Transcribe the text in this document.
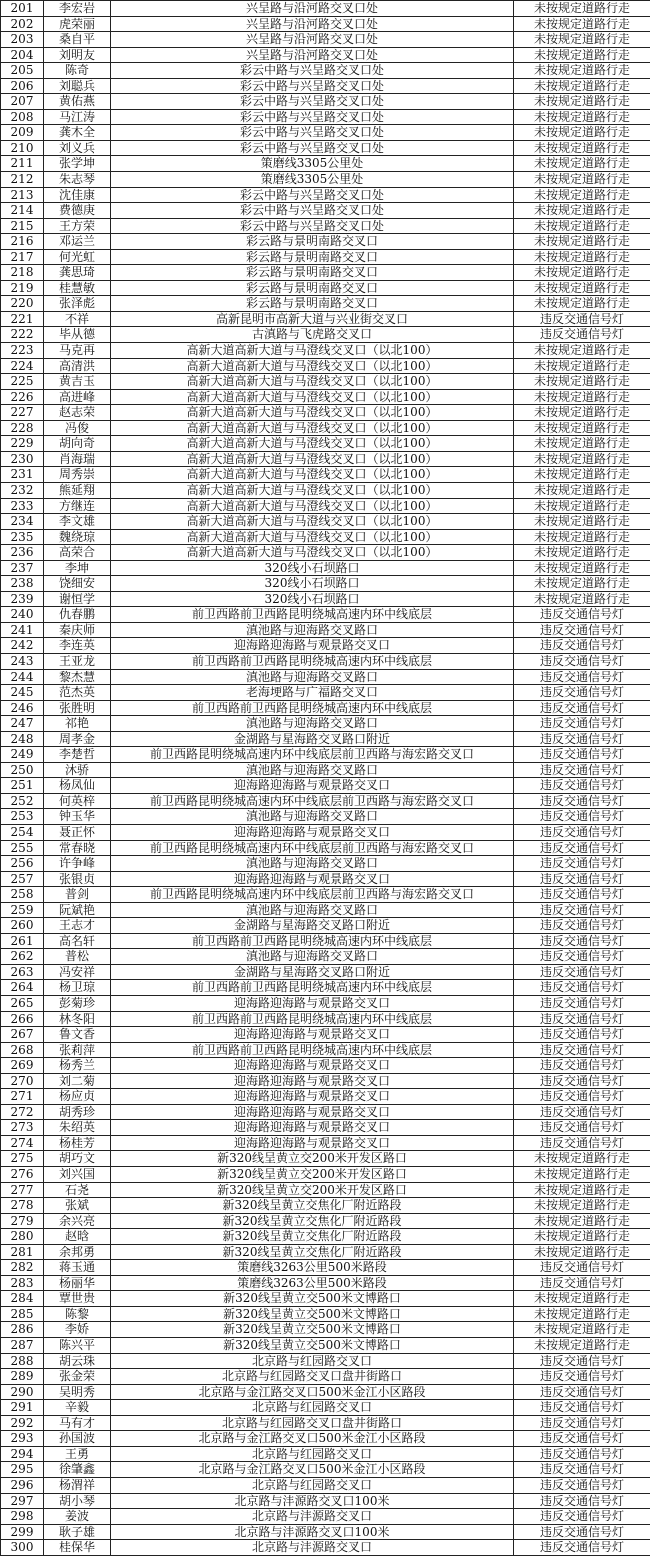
201	李宏岩	兴呈路与沿河路交叉口处	未按规定道路行走
202	虎荣丽	兴呈路与沿河路交叉口处	未按规定道路行走
203	桑自平	兴呈路与沿河路交叉口处	未按规定道路行走
204	刘明友	兴呈路与沿河路交叉口处	未按规定道路行走
205	陈奇	彩云中路与兴呈路交叉口处	未按规定道路行走
206	刘聪兵	彩云中路与兴呈路交叉口处	未按规定道路行走
207	黄佑燕	彩云中路与兴呈路交叉口处	未按规定道路行走
208	马江涛	彩云中路与兴呈路交叉口处	未按规定道路行走
209	龚木全	彩云中路与兴呈路交叉口处	未按规定道路行走
210	刘义兵	彩云中路与兴呈路交叉口处	未按规定道路行走
211	张学坤	策磨线3305公里处	未按规定道路行走
212	朱志琴	策磨线3305公里处	未按规定道路行走
213	沈佳康	彩云中路与兴呈路交叉口处	未按规定道路行走
214	费德庚	彩云中路与兴呈路交叉口处	未按规定道路行走
215	王方荣	彩云中路与兴呈路交叉口处	未按规定道路行走
216	邓运兰	彩云路与景明南路交叉口	未按规定道路行走
217	何光虹	彩云路与景明南路交叉口	未按规定道路行走
218	龚思琦	彩云路与景明南路交叉口	未按规定道路行走
219	桂慧敏	彩云路与景明南路交叉口	未按规定道路行走
220	张泽彪	彩云路与景明南路交叉口	未按规定道路行走
221	不祥	高新昆明市高新大道与兴业街交叉口	违反交通信号灯
222	毕从德	古滇路与飞虎路交叉口	违反交通信号灯
223	马克再	高新大道高新大道与马澄线交叉口（以北100）	未按规定道路行走
224	高清洪	高新大道高新大道与马澄线交叉口（以北100）	未按规定道路行走
225	黄吉玉	高新大道高新大道与马澄线交叉口（以北100）	未按规定道路行走
226	高进峰	高新大道高新大道与马澄线交叉口（以北100）	未按规定道路行走
227	赵志荣	高新大道高新大道与马澄线交叉口（以北100）	未按规定道路行走
228	冯俊	高新大道高新大道与马澄线交叉口（以北100）	未按规定道路行走
229	胡向奇	高新大道高新大道与马澄线交叉口（以北100）	未按规定道路行走
230	肖海瑞	高新大道高新大道与马澄线交叉口（以北100）	未按规定道路行走
231	周秀崇	高新大道高新大道与马澄线交叉口（以北100）	未按规定道路行走
232	熊延翔	高新大道高新大道与马澄线交叉口（以北100）	未按规定道路行走
233	方继连	高新大道高新大道与马澄线交叉口（以北100）	未按规定道路行走
234	李文雄	高新大道高新大道与马澄线交叉口（以北100）	未按规定道路行走
235	魏绕琼	高新大道高新大道与马澄线交叉口（以北100）	未按规定道路行走
236	高荣合	高新大道高新大道与马澄线交叉口（以北100）	未按规定道路行走
237	李坤	320线小石坝路口	未按规定道路行走
238	饶细安	320线小石坝路口	未按规定道路行走
239	谢恒学	320线小石坝路口	未按规定道路行走
240	仇春鹏	前卫西路前卫西路昆明绕城高速内环中线底层	违反交通信号灯
241	秦庆师	滇池路与迎海路交叉路口	违反交通信号灯
242	李连英	迎海路迎海路与观景路交叉口	违反交通信号灯
243	王亚龙	前卫西路前卫西路昆明绕城高速内环中线底层	违反交通信号灯
244	黎杰慧	滇池路与迎海路交叉路口	违反交通信号灯
245	范杰英	老海埂路与广福路交叉口	违反交通信号灯
246	张胜明	前卫西路前卫西路昆明绕城高速内环中线底层	违反交通信号灯
247	祁艳	滇池路与迎海路交叉路口	违反交通信号灯
248	周孝金	金湖路与星海路交叉路口附近	违反交通信号灯
249	李楚哲	前卫西路昆明绕城高速内环中线底层前卫西路与海宏路交叉口	违反交通信号灯
250	沐骄	滇池路与迎海路交叉路口	违反交通信号灯
251	杨凤仙	迎海路迎海路与观景路交叉口	违反交通信号灯
252	何英梓	前卫西路昆明绕城高速内环中线底层前卫西路与海宏路交叉口	违反交通信号灯
253	钟玉华	滇池路与迎海路交叉路口	违反交通信号灯
254	聂正怀	迎海路迎海路与观景路交叉口	违反交通信号灯
255	常春晓	前卫西路昆明绕城高速内环中线底层前卫西路与海宏路交叉口	违反交通信号灯
256	许争峰	滇池路与迎海路交叉路口	违反交通信号灯
257	张银贞	迎海路迎海路与观景路交叉口	违反交通信号灯
258	普剑	前卫西路昆明绕城高速内环中线底层前卫西路与海宏路交叉口	违反交通信号灯
259	阮斌艳	滇池路与迎海路交叉路口	违反交通信号灯
260	王志才	金湖路与星海路交叉路口附近	违反交通信号灯
261	高名轩	前卫西路前卫西路昆明绕城高速内环中线底层	违反交通信号灯
262	普松	滇池路与迎海路交叉路口	违反交通信号灯
263	冯安祥	金湖路与星海路交叉路口附近	违反交通信号灯
264	杨卫琼	前卫西路前卫西路昆明绕城高速内环中线底层	违反交通信号灯
265	彭菊珍	迎海路迎海路与观景路交叉口	违反交通信号灯
266	林冬阳	前卫西路前卫西路昆明绕城高速内环中线底层	违反交通信号灯
267	鲁文香	迎海路迎海路与观景路交叉口	违反交通信号灯
268	张莉萍	前卫西路前卫西路昆明绕城高速内环中线底层	违反交通信号灯
269	杨秀兰	迎海路迎海路与观景路交叉口	违反交通信号灯
270	刘二菊	迎海路迎海路与观景路交叉口	违反交通信号灯
271	杨应贞	迎海路迎海路与观景路交叉口	违反交通信号灯
272	胡秀珍	迎海路迎海路与观景路交叉口	违反交通信号灯
273	朱绍英	迎海路迎海路与观景路交叉口	违反交通信号灯
274	杨桂芳	迎海路迎海路与观景路交叉口	违反交通信号灯
275	胡巧文	新320线呈黄立交200米开发区路口	未按规定道路行走
276	刘兴国	新320线呈黄立交200米开发区路口	未按规定道路行走
277	石尧	新320线呈黄立交200米开发区路口	未按规定道路行走
278	张斌	新320线呈黄立交焦化厂附近路段	未按规定道路行走
279	余兴亮	新320线呈黄立交焦化厂附近路段	未按规定道路行走
280	赵晗	新320线呈黄立交焦化厂附近路段	未按规定道路行走
281	余邦勇	新320线呈黄立交焦化厂附近路段	未按规定道路行走
282	蒋玉通	策磨线3263公里500米路段	违反交通信号灯
283	杨丽华	策磨线3263公里500米路段	违反交通信号灯
284	覃世贵	新320线呈黄立交500米文博路口	未按规定道路行走
285	陈黎	新320线呈黄立交500米文博路口	未按规定道路行走
286	李娇	新320线呈黄立交500米文博路口	未按规定道路行走
287	陈兴平	新320线呈黄立交500米文博路口	未按规定道路行走
288	胡云珠	北京路与红园路交叉口	违反交通信号灯
289	张金荣	北京路与红园路交叉口盘井街路口	违反交通信号灯
290	吴明秀	北京路与金江路交叉口500米金江小区路段	违反交通信号灯
291	辛毅	北京路与红园路交叉口	违反交通信号灯
292	马有才	北京路与红园路交叉口盘井街路口	违反交通信号灯
293	孙国波	北京路与金江路交叉口500米金江小区路段	违反交通信号灯
294	王勇	北京路与红园路交叉口	违反交通信号灯
295	徐肇鑫	北京路与金江路交叉口500米金江小区路段	违反交通信号灯
296	杨渭祥	北京路与红园路交叉口	违反交通信号灯
297	胡小琴	北京路与沣源路交叉口100米	违反交通信号灯
298	姜波	北京路与沣源路交叉口	违反交通信号灯
299	耿子雄	北京路与沣源路交叉口100米	违反交通信号灯
300	桂保华	北京路与沣源路交叉口	违反交通信号灯
